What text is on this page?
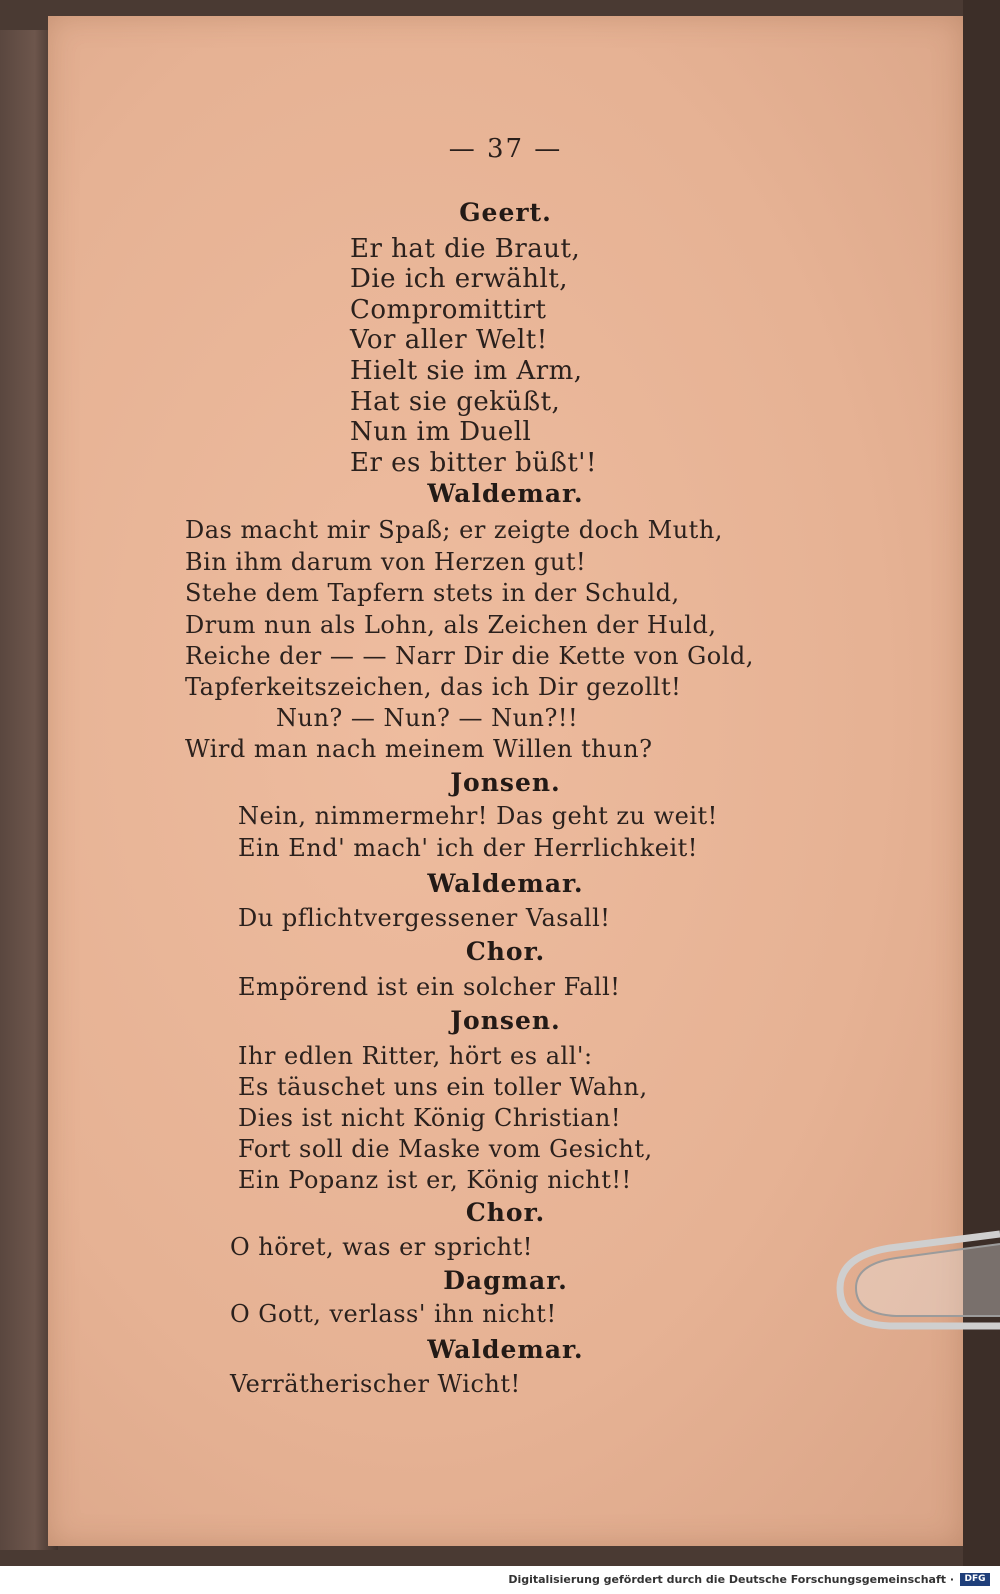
— 37 —
Geert.
Er hat die Braut,
Die ich erwählt,
Compromittirt
Vor aller Welt!
Hielt sie im Arm,
Hat sie geküßt,
Nun im Duell
Er es bitter büßt'!
Waldemar.
Das macht mir Spaß; er zeigte doch Muth,
Bin ihm darum von Herzen gut!
Stehe dem Tapfern stets in der Schuld,
Drum nun als Lohn, als Zeichen der Huld,
Reiche der — — Narr Dir die Kette von Gold,
Tapferkeitszeichen, das ich Dir gezollt!
Nun? — Nun? — Nun?!!
Wird man nach meinem Willen thun?
Jonsen.
Nein, nimmermehr! Das geht zu weit!
Ein End' mach' ich der Herrlichkeit!
Waldemar.
Du pflichtvergessener Vasall!
Chor.
Empörend ist ein solcher Fall!
Jonsen.
Ihr edlen Ritter, hört es all':
Es täuschet uns ein toller Wahn,
Dies ist nicht König Christian!
Fort soll die Maske vom Gesicht,
Ein Popanz ist er, König nicht!!
Chor.
O höret, was er spricht!
Dagmar.
O Gott, verlass' ihn nicht!
Waldemar.
Verrätherischer Wicht!
Digitalisierung gefördert durch die Deutsche Forschungsgemeinschaft ·	DFG
